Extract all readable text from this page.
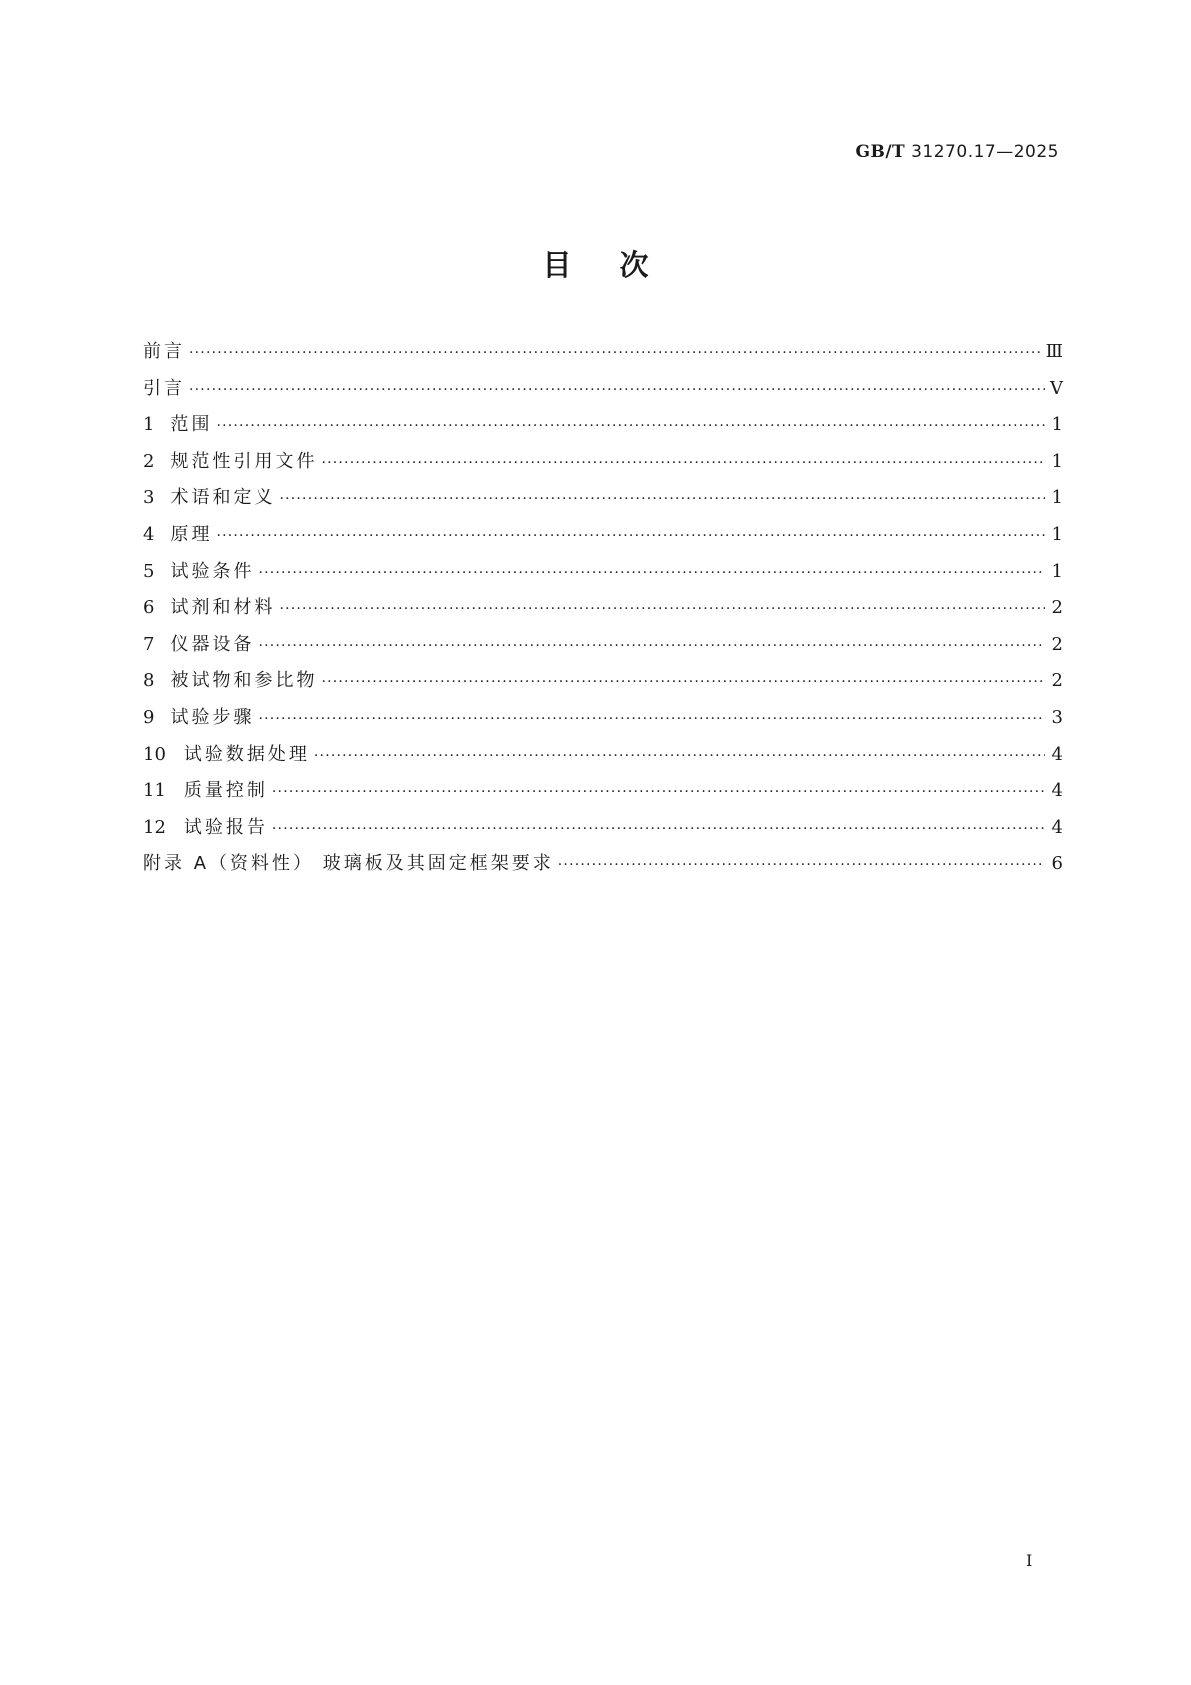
GB/T 31270.17—2025
目次
前言 ·····	Ⅲ
引言 ·····	Ⅴ
1 范围 ·····	1
2 规范性引用文件 ·····	1
3 术语和定义 ·····	1
4 原理 ·····	1
5 试验条件 ·····	1
6 试剂和材料 ·····	2
7 仪器设备 ·····	2
8 被试物和参比物 ·····	2
9 试验步骤 ·····	3
10 试验数据处理 ·····	4
11 质量控制 ·····	4
12 试验报告 ·····	4
附录 A（资料性） 玻璃板及其固定框架要求 ·····	6
Ⅰ
